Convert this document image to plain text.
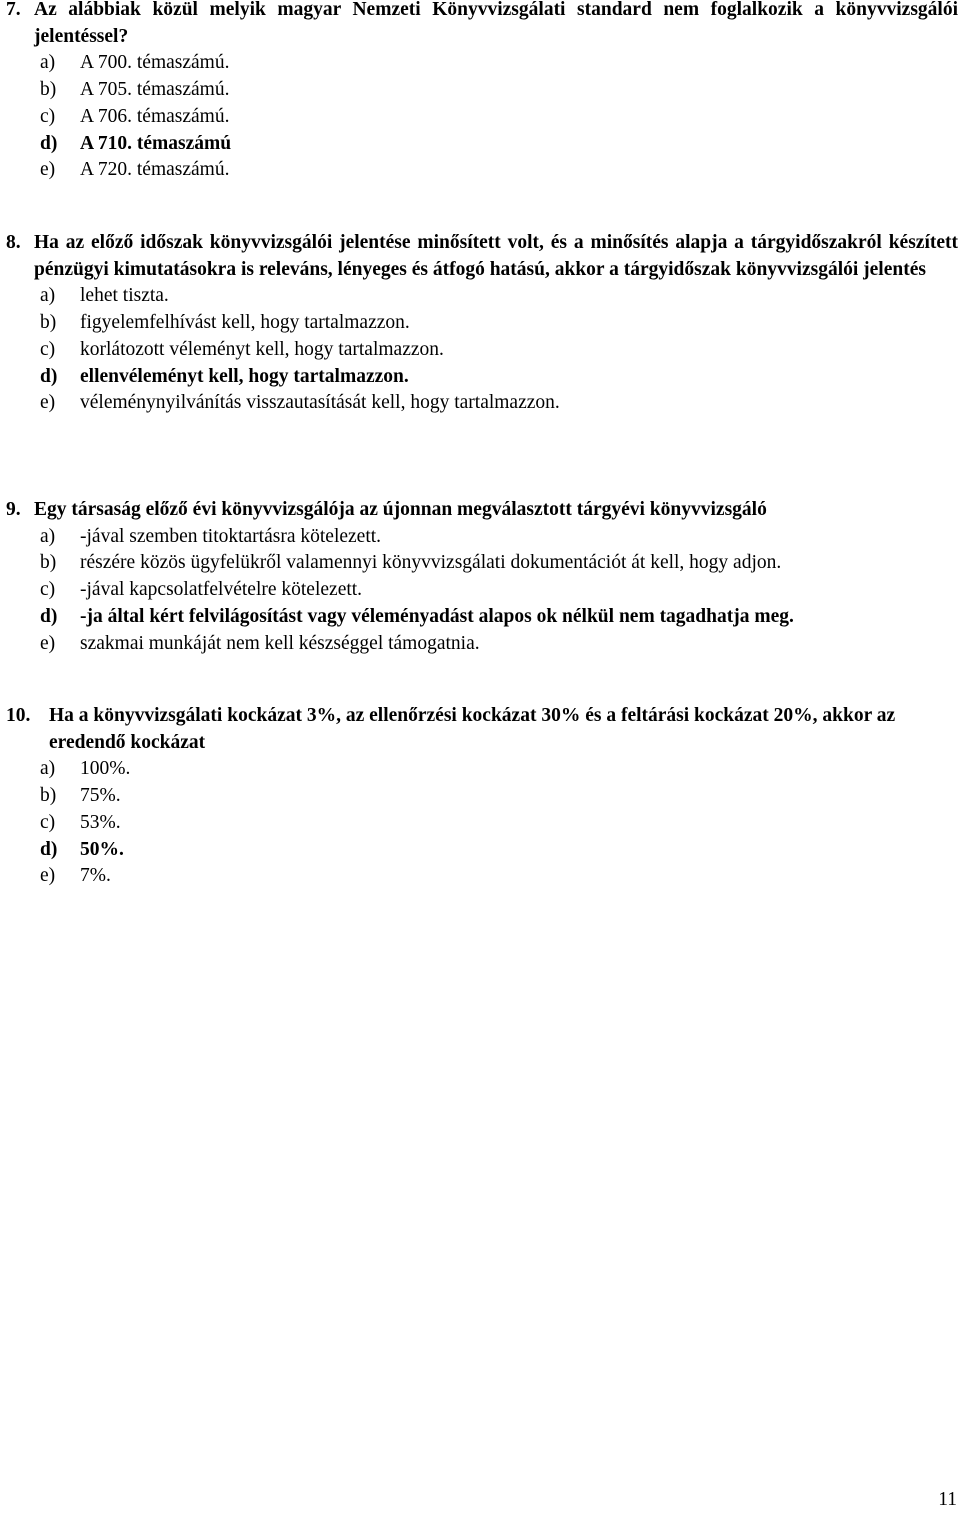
7. Az alábbiak közül melyik magyar Nemzeti Könyvvizsgálati standard nem foglalkozik a könyvvizsgálói jelentéssel?
a)	A 700. témaszámú.
b)	A 705. témaszámú.
c)	A 706. témaszámú.
d)	A 710. témaszámú
e)	A 720. témaszámú.
8. Ha az előző időszak könyvvizsgálói jelentése minősített volt, és a minősítés alapja a tárgyidőszakról készített pénzügyi kimutatásokra is releváns, lényeges és átfogó hatású, akkor a tárgyidőszak könyvvizsgálói jelentés
a)	lehet tiszta.
b)	figyelemfelhívást kell, hogy tartalmazzon.
c)	korlátozott véleményt kell, hogy tartalmazzon.
d)	ellenvéleményt kell, hogy tartalmazzon.
e)	véleménynyilvánítás visszautasítását kell, hogy tartalmazzon.
9. Egy társaság előző évi könyvvizsgálója az újonnan megválasztott tárgyévi könyvvizsgáló
a)	-jával szemben titoktartásra kötelezett.
b)	részére közös ügyfelükről valamennyi könyvvizsgálati dokumentációt át kell, hogy adjon.
c)	-jával kapcsolatfelvételre kötelezett.
d)	-ja által kért felvilágosítást vagy véleményadást alapos ok nélkül nem tagadhatja meg.
e)	szakmai munkáját nem kell készséggel támogatnia.
10. Ha a könyvvizsgálati kockázat 3%, az ellenőrzési kockázat 30% és a feltárási kockázat 20%, akkor az eredendő kockázat
a)	100%.
b)	75%.
c)	53%.
d)	50%.
e)	7%.
11
